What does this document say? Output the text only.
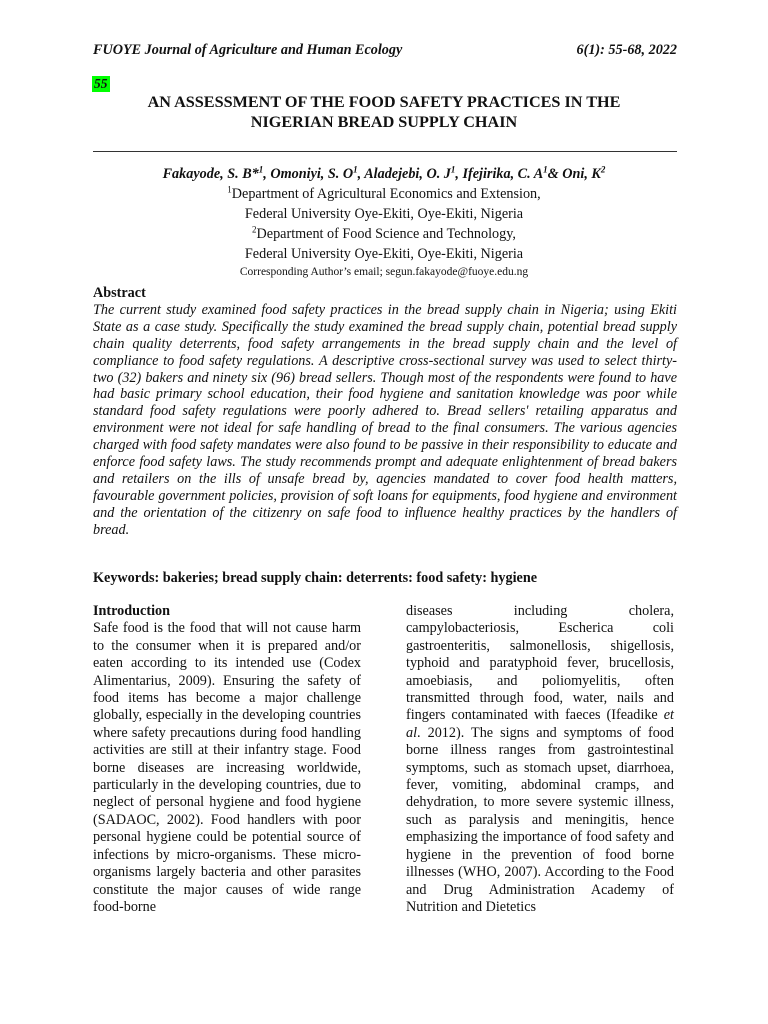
FUOYE Journal of Agriculture and Human Ecology	6(1): 55-68, 2022
55
AN ASSESSMENT OF THE FOOD SAFETY PRACTICES IN THE
NIGERIAN BREAD SUPPLY CHAIN
Fakayode, S. B*$^1$, Omoniyi, S. $O^1$, Aladejebi, O. $J^1$, Ifejirika, C. $A^1\&$ Oni, $K^2$
$^1$Department of Agricultural Economics and Extension,
Federal University Oye-Ekiti, Oye-Ekiti, Nigeria
$^2$Department of Food Science and Technology,
Federal University Oye-Ekiti, Oye-Ekiti, Nigeria
Corresponding Author’s email; segun.fakayode@fuoye.edu.ng
Abstract

The current study examined food safety practices in the bread supply chain in Nigeria; using Ekiti State as a case study. Specifically the study examined the bread supply chain, potential bread supply chain quality deterrents, food safety arrangements in the bread supply chain and the level of compliance to food safety regulations. A descriptive cross-sectional survey was used to select thirty-two (32) bakers and ninety six (96) bread sellers. Though most of the respondents were found to have had basic primary school education, their food hygiene and sanitation knowledge was poor while standard food safety regulations were poorly adhered to. Bread sellers' retailing apparatus and environment were not ideal for safe handling of bread to the final consumers. The various agencies charged with food safety mandates were also found to be passive in their responsibility to educate and enforce food safety laws. The study recommends prompt and adequate enlightenment of bread bakers and retailers on the ills of unsafe bread by, agencies mandated to cover food health matters, favourable government policies, provision of soft loans for equipments, food hygiene and environment and the orientation of the citizenry on safe food to influence healthy practices by the handlers of bread.

Keywords: bakeries; bread supply chain: deterrents: food safety: hygiene
Introduction

Safe food is the food that will not cause harm to the consumer when it is prepared and/or eaten according to its intended use (Codex Alimentarius, 2009). Ensuring the safety of food items has become a major challenge globally, especially in the developing countries where safety precautions during food handling activities are still at their infantry stage. Food borne diseases are increasing worldwide, particularly in the developing countries, due to neglect of personal hygiene and food hygiene (SADAOC, 2002). Food handlers with poor personal hygiene could be potential source of infections by micro-organisms. These micro-organisms largely bacteria and other parasites constitute the major causes of wide range food-borne

diseases including cholera, campylobacteriosis, Escherica coli gastroenteritis, salmonellosis, shigellosis, typhoid and paratyphoid fever, brucellosis, amoebiasis, and poliomyelitis, often transmitted through food, water, nails and fingers contaminated with faeces (Ifeadike et al. 2012). The signs and symptoms of food borne illness ranges from gastrointestinal symptoms, such as stomach upset, diarrhoea, fever, vomiting, abdominal cramps, and dehydration, to more severe systemic illness, such as paralysis and meningitis, hence emphasizing the importance of food safety and hygiene in the prevention of food borne illnesses (WHO, 2007). According to the Food and Drug Administration Academy of Nutrition and Dietetics
